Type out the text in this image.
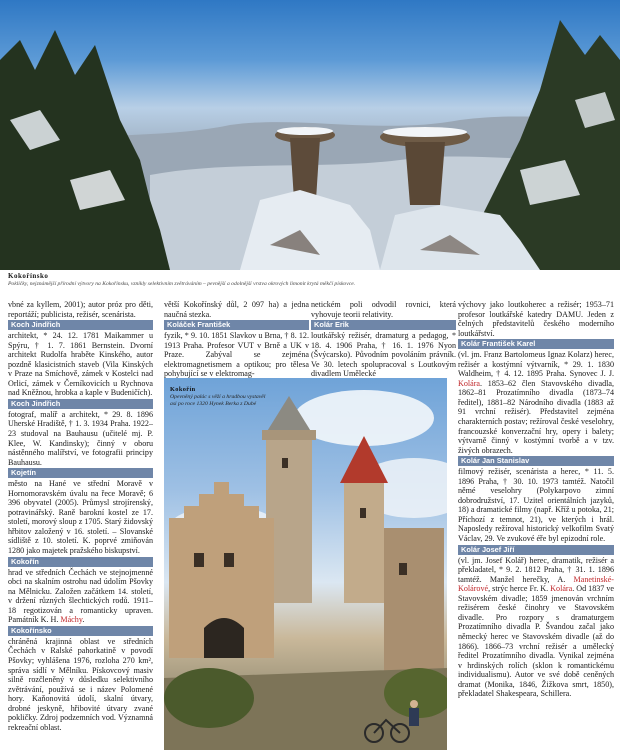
Kokořínsko
Pokličky, nejznámější přírodní výtvory na Kokořínsku, vznikly selektivním zvětráváním – pevnější a odolnější vrstva okrových limonit krytá měkčí pískovce.
vbné za kyllem, 2001); autor próz pro děti, reportáží; publicista, režisér, scenárista.
Koch Jindřich
architekt, * 24. 12. 1781 Maikammer u Spýru, † 1. 7. 1861 Bernstein. Dvorní architekt Rudolfa hraběte Kinského, autor pozdně klasicistních staveb (Vila Kinských v Praze na Smíchově, zámek v Kostelci nad Orlicí, zámek v Černíkovicích u Rychnova nad Kněžnou, hrobka a kaple v Budeničích).
Koch Jindřich
fotograf, malíř a architekt, * 29. 8. 1896 Uherské Hradiště, † 1. 3. 1934 Praha. 1922–23 studoval na Bauhausu (učitelé mj. P. Klee, W. Kandinsky); činný v oboru nástěnného malířství, ve fotografii principy Bauhausu.
Kojetín
město na Hané ve střední Moravě v Hornomoravském úvalu na řece Moravě; 6 396 obyvatel (2005). Průmysl strojírenský, potravinářský. Raně barokní kostel ze 17. století, morový sloup z 1705. Starý židovský hřbitov založený v 16. století. – Slovanské sídliště z 10. století. K. poprvé zmiňován 1280 jako majetek pražského biskupství.
Kokořín
hrad ve středních Čechách ve stejnojmenné obci na skalním ostrohu nad údolím Pšovky na Mělnicku. Založen začátkem 14. století, v držení různých šlechtických rodů. 1911–18 regotizován a romanticky upraven. Památník K. H. Máchy.
Kokořínsko
chráněná krajinná oblast ve středních Čechách v Ralské pahorkatině v povodí Pšovky; vyhlášena 1976, rozloha 270 km², správa sídlí v Mělníku. Pískovcový masiv silně rozčleněný v důsledku selektivního zvětrávání, používá se i název Polomené hory. Kaňonovitá údolí, skalní útvary, drobné jeskyně, hřibovité útvary zvané pokličky. Zdroj podzemních vod. Významná rekreační oblast.
větší Kokořínský důl, 2 097 ha) a jedna naučná stezka.
Koláček František
fyzik, * 9. 10. 1851 Slavkov u Brna, † 8. 12. 1913 Praha. Profesor VUT v Brně a UK v Praze. Zabýval se zejména elektromagnetismem a optikou; pro tělesa pohybující se v elektromag-
netickém poli odvodil rovnici, která vyhovuje teorii relativity.
Kolár Erik
loutkářský režisér, dramaturg a pedagog, * 18. 4. 1906 Praha, † 16. 1. 1976 Nyon (Švýcarsko). Původním povoláním právník. Ve 30. letech spolupracoval s Loutkovým divadlem Umělecké
výchovy jako loutkoherec a režisér; 1953–71 profesor loutkářské katedry DAMU. Jeden z čelných představitelů českého moderního loutkářství.
Kolár František Karel
(vl. jm. Franz Bartolomeus Ignaz Kolarz) herec, režisér a kostýmní výtvarník, * 29. 1. 1830 Waldheim, † 4. 12. 1895 Praha. Synovec J. J. Kolára. 1853–62 člen Stavovského divadla, 1862–81 Prozatímního divadla (1873–74 ředitel), 1881–82 Národního divadla (1883 až 91 vrchní režisér). Představitel zejména charakterních postav; režíroval české veselohry, francouzské konverzační hry, opery i balety; výtvarně činný v kostýmní tvorbě a v tzv. živých obrazech.
Kolár Jan Stanislav
filmový režisér, scenárista a herec, * 11. 5. 1896 Praha, † 30. 10. 1973 tamtéž. Natočil němé veselohry (Polykarpovo zimní dobrodružství, 17. Uzitel orientálních jazyků, 18) a dramatické filmy (např. Kříž u potoka, 21; Příchozí z temnot, 21), ve kterých i hrál. Naposledy režíroval historický velkofilm Svatý Václav, 29. Ve zvukové éře byl epizodní role.
Kolár Josef Jiří
(vl. jm. Josef Kolář) herec, dramatik, režisér a překladatel, * 9. 2. 1812 Praha, † 31. 1. 1896 tamtéž. Manžel herečky, A. Manetinské-Kolárové, strýc herce Fr. K. Kolára. Od 1837 ve Stavovském divadle; 1859 jmenován vrchním režisérem české činohry ve Stavovském divadle. Pro rozpory s dramaturgem Prozatímního divadla P. Švandou začal jako německý herec ve Stavovském divadle (až do 1866). 1866–73 vrchní režisér a umělecký ředitel Prozatímního divadla. Vynikal zejména v hrdinských rolích (sklon k romantickému individualismu). Autor ve své době ceněných dramat (Monika, 1846, Žižkova smrt, 1850), překladatel Shakespeara, Schillera.
Kokořín
Opevněný palác s věží a hradbou vystavěl asi po roce 1320 Hynek Berka z Dubé
